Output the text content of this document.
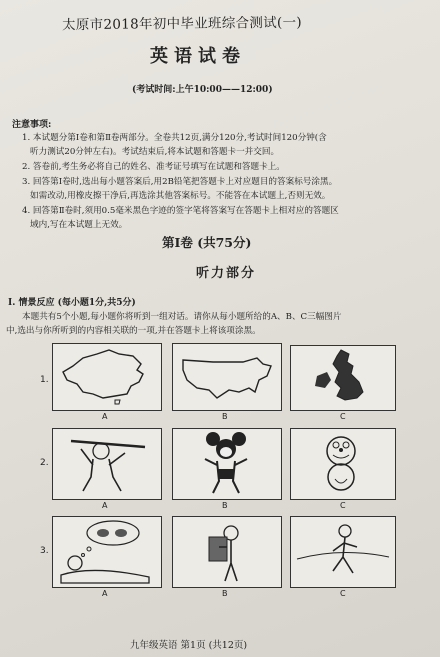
太原市2018年初中毕业班综合测试(一)
英语试卷
(考试时间:上午10:00——12:00)
注意事项:
1. 本试题分第Ⅰ卷和第Ⅱ卷两部分。全卷共12页,满分120分,考试时间120分钟(含
听力测试20分钟左右)。考试结束后,将本试题和答题卡一并交回。
2. 答卷前,考生务必将自己的姓名、准考证号填写在试题和答题卡上。
3. 回答第Ⅰ卷时,选出每小题答案后,用2B铅笔把答题卡上对应题目的答案标号涂黑。
如需改动,用橡皮擦干净后,再选涂其他答案标号。不能答在本试题上,否则无效。
4. 回答第Ⅱ卷时,须用0.5毫米黑色字迹的签字笔将答案写在答题卡上相对应的答题区
域内,写在本试题上无效。
第Ⅰ卷 (共75分)
听力部分
Ⅰ. 情景反应 (每小题1分,共5分)
本题共有5个小题,每小题你将听到一组对话。请你从每小题所给的A、B、C三幅图片
中,选出与你所听到的内容相关联的一项,并在答题卡上将该项涂黑。
1.
A	B	C
2.
A	B	C
3.
A	B	C
九年级英语 第1页 (共12页)
